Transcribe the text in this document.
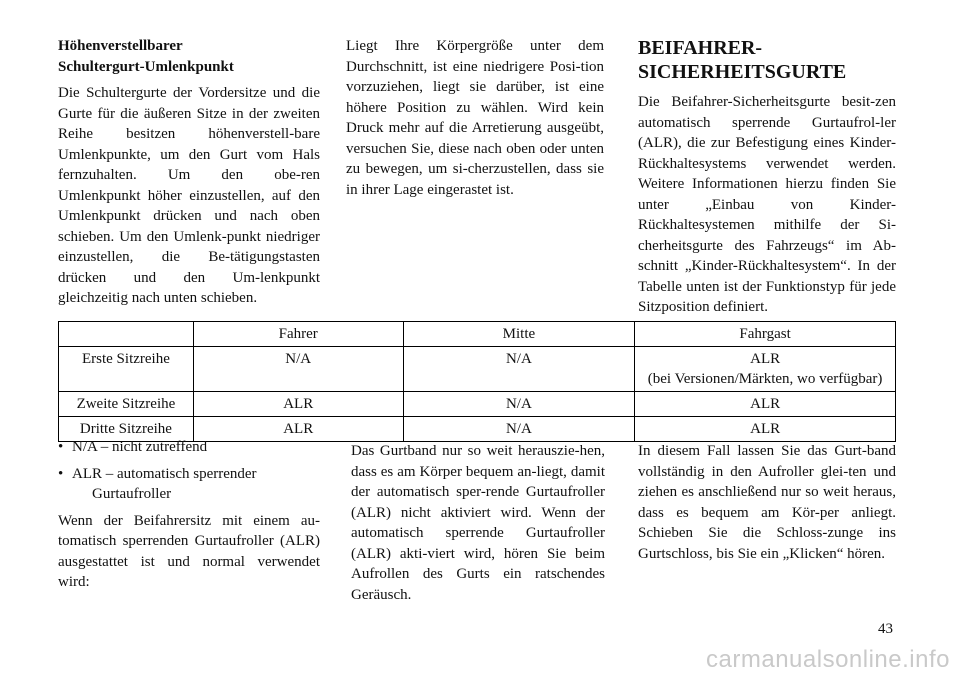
Höhenverstellbarer
Schultergurt-Umlenkpunkt

Die Schultergurte der Vordersitze und die Gurte für die äußeren Sitze in der zweiten Reihe besitzen höhenverstell-bare Umlenkpunkte, um den Gurt vom Hals fernzuhalten. Um den obe-ren Umlenkpunkt höher einzustellen, auf den Umlenkpunkt drücken und nach oben schieben. Um den Umlenk-punkt niedriger einzustellen, die Be-tätigungstasten drücken und den Um-lenkpunkt gleichzeitig nach unten schieben.

Liegt Ihre Körpergröße unter dem Durchschnitt, ist eine niedrigere Posi-tion vorzuziehen, liegt sie darüber, ist eine höhere Position zu wählen. Wird kein Druck mehr auf die Arretierung ausgeübt, versuchen Sie, diese nach oben oder unten zu bewegen, um si-cherzustellen, dass sie in ihrer Lage eingerastet ist.

BEIFAHRER-
SICHERHEITSGURTE

Die Beifahrer-Sicherheitsgurte besit-zen automatisch sperrende Gurtaufrol-ler (ALR), die zur Befestigung eines Kinder-Rückhaltesystems verwendet werden. Weitere Informationen hierzu finden Sie unter „Einbau von Kinder-Rückhaltesystemen mithilfe der Si-cherheitsgurte des Fahrzeugs“ im Ab-schnitt „Kinder-Rückhaltesystem“. In der Tabelle unten ist der Funktionstyp für jede Sitzposition definiert.

	Fahrer	Mitte	Fahrgast
Erste Sitzreihe	N/A	N/A	ALR
(bei Versionen/Märkten, wo verfügbar)
Zweite Sitzreihe	ALR	N/A	ALR
Dritte Sitzreihe	ALR	N/A	ALR
• N/A – nicht zutreffend
• ALR – automatisch sperrender
Gurtaufroller

Wenn der Beifahrersitz mit einem au-tomatisch sperrenden Gurtaufroller (ALR) ausgestattet ist und normal verwendet wird:

Das Gurtband nur so weit herauszie-hen, dass es am Körper bequem an-liegt, damit der automatisch sper-rende Gurtaufroller (ALR) nicht aktiviert wird. Wenn der automatisch sperrende Gurtaufroller (ALR) akti-viert wird, hören Sie beim Aufrollen des Gurts ein ratschendes Geräusch.

In diesem Fall lassen Sie das Gurt-band vollständig in den Aufroller glei-ten und ziehen es anschließend nur so weit heraus, dass es bequem am Kör-per anliegt. Schieben Sie die Schloss-zunge ins Gurtschloss, bis Sie ein „Klicken“ hören.

43
carmanualsonline.info
